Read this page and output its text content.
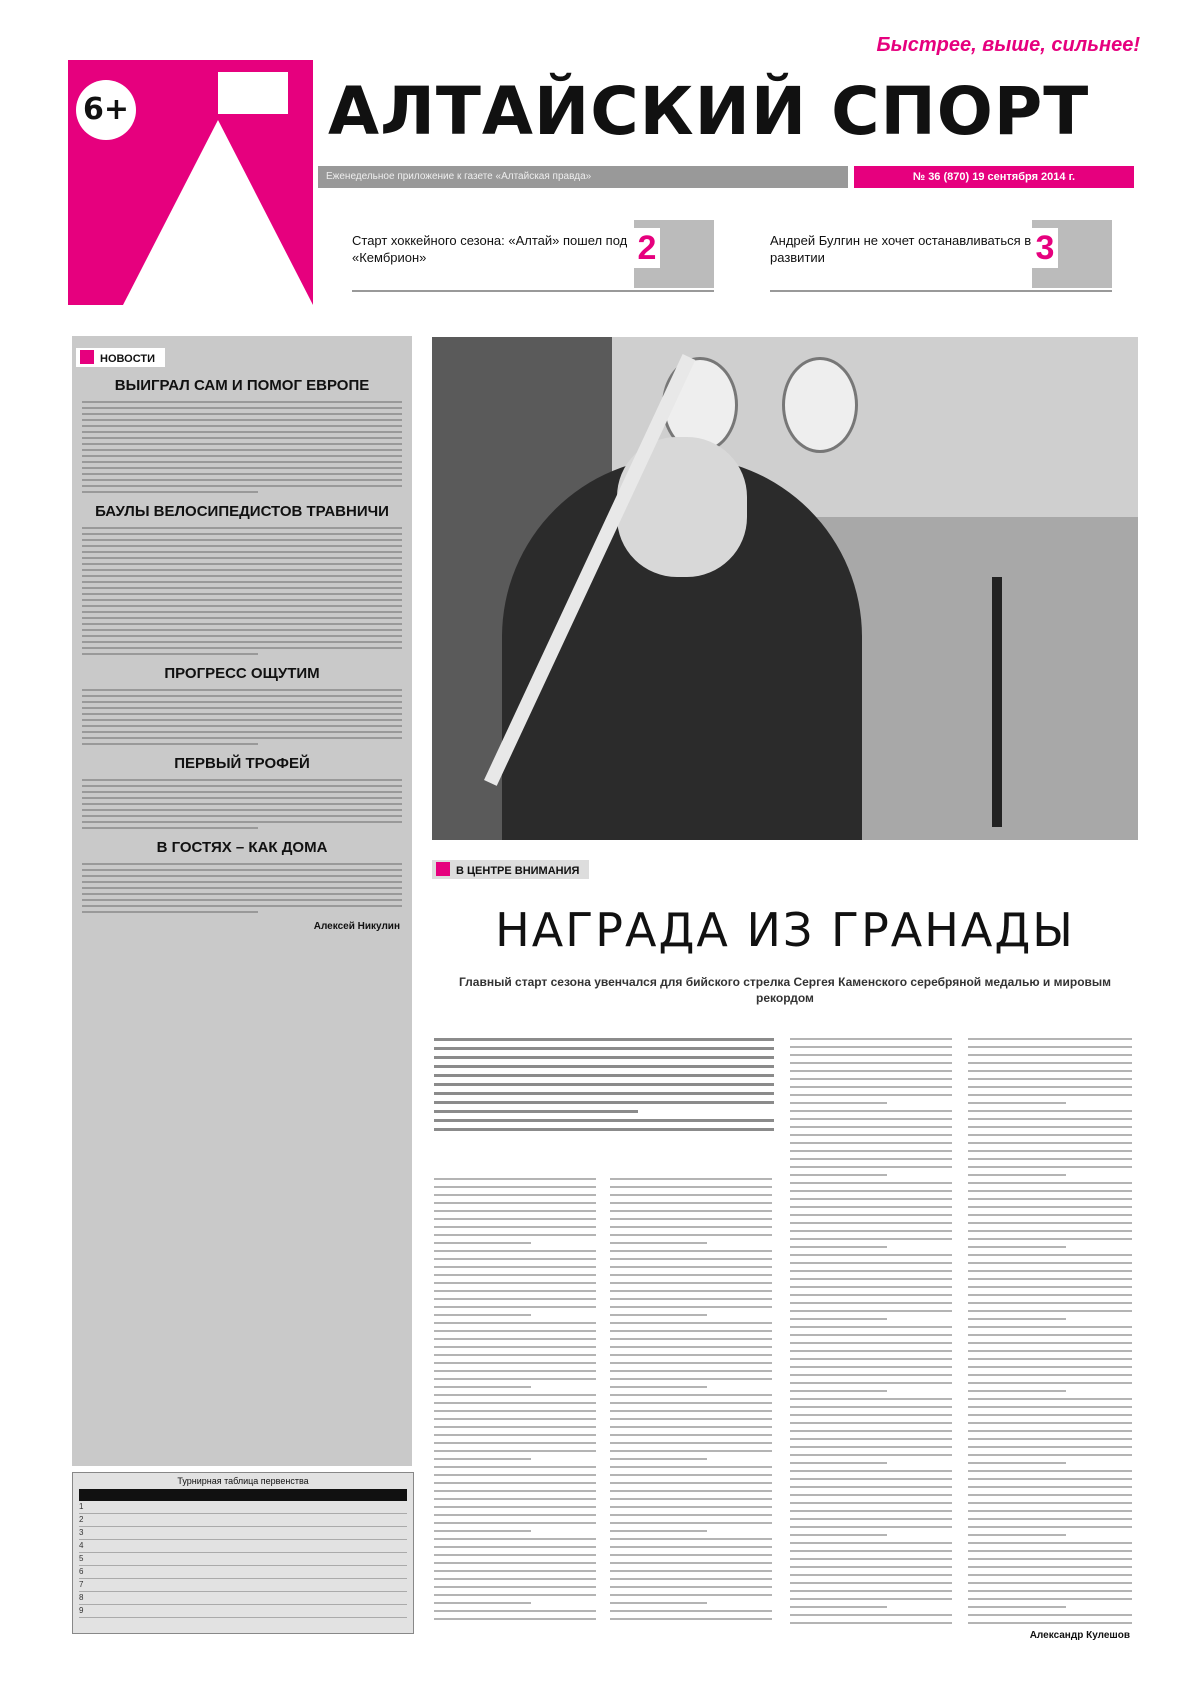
6+
Быстрее, выше, сильнее!
АЛТАЙСКИЙ СПОРТ
Еженедельное приложение к газете «Алтайская правда»	№ 36 (870) 19 сентября 2014 г.
Старт хоккейного сезона: «Алтай» пошел под «Кембрион»	2	Андрей Булгин не хочет останавливаться в развитии	3
НОВОСТИ
ВЫИГРАЛ САМ И ПОМОГ ЕВРОПЕ
БАУЛЫ ВЕЛОСИПЕДИСТОВ ТРАВНИЧИ
ПРОГРЕСС ОЩУТИМ
ПЕРВЫЙ ТРОФЕЙ
В ГОСТЯХ – КАК ДОМА
Алексей Никулин
Турнирная таблица первенства
1
2
3
4
5
6
7
8
9
В ЦЕНТРЕ ВНИМАНИЯ
НАГРАДА ИЗ ГРАНАДЫ
Главный старт сезона увенчался для бийского стрелка Сергея Каменского серебряной медалью и мировым рекордом
Александр Кулешов
